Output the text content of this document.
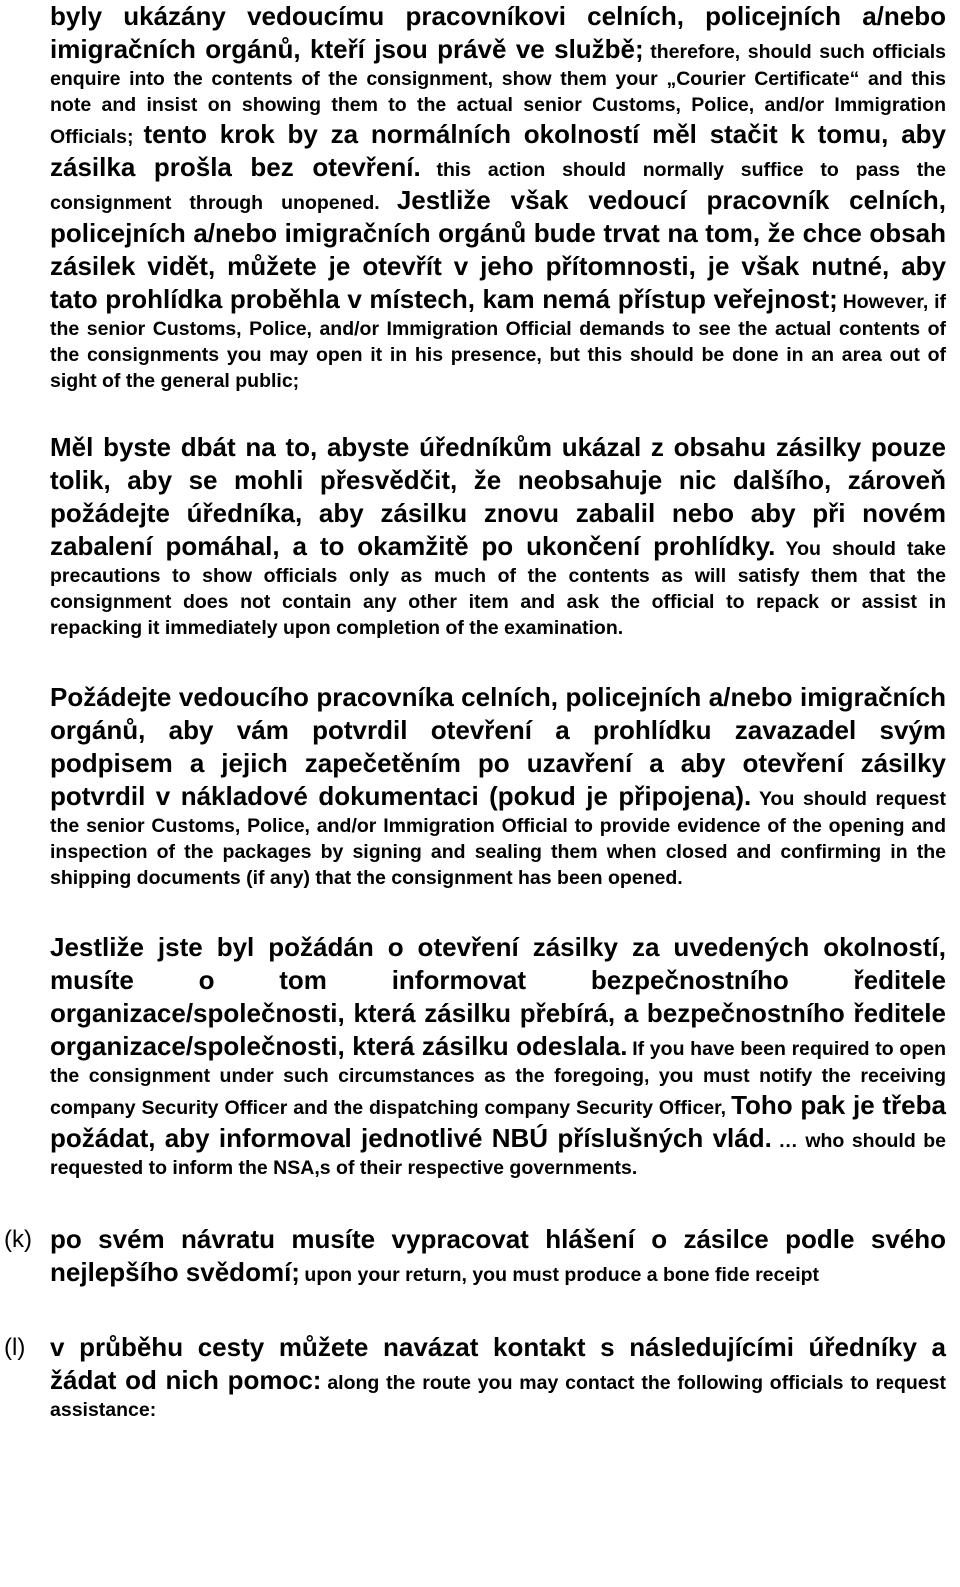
byly ukázány vedoucímu pracovníkovi celních, policejních a/nebo imigračních orgánů, kteří jsou právě ve službě; therefore, should such officials enquire into the contents of the consignment, show them your „Courier Certificate“ and this note and insist on showing them to the actual senior Customs, Police, and/or Immigration Officials; tento krok by za normálních okolností měl stačit k tomu, aby zásilka prošla bez otevření. this action should normally suffice to pass the consignment through unopened. Jestliže však vedoucí pracovník celních, policejních a/nebo imigračních orgánů bude trvat na tom, že chce obsah zásilek vidět, můžete je otevřít v jeho přítomnosti, je však nutné, aby tato prohlídka proběhla v místech, kam nemá přístup veřejnost; However, if the senior Customs, Police, and/or Immigration Official demands to see the actual contents of the consignments you may open it in his presence, but this should be done in an area out of sight of the general public;

Měl byste dbát na to, abyste úředníkům ukázal z obsahu zásilky pouze tolik, aby se mohli přesvědčit, že neobsahuje nic dalšího, zároveň požádejte úředníka, aby zásilku znovu zabalil nebo aby při novém zabalení pomáhal, a to okamžitě po ukončení prohlídky. You should take precautions to show officials only as much of the contents as will satisfy them that the consignment does not contain any other item and ask the official to repack or assist in repacking it immediately upon completion of the examination.

Požádejte vedoucího pracovníka celních, policejních a/nebo imigračních orgánů, aby vám potvrdil otevření a prohlídku zavazadel svým podpisem a jejich zapečetěním po uzavření a aby otevření zásilky potvrdil v nákladové dokumentaci (pokud je připojena). You should request the senior Customs, Police, and/or Immigration Official to provide evidence of the opening and inspection of the packages by signing and sealing them when closed and confirming in the shipping documents (if any) that the consignment has been opened.

Jestliže jste byl požádán o otevření zásilky za uvedených okolností, musíte o tom informovat bezpečnostního ředitele organizace/společnosti, která zásilku přebírá, a bezpečnostního ředitele organizace/společnosti, která zásilku odeslala. If you have been required to open the consignment under such circumstances as the foregoing, you must notify the receiving company Security Officer and the dispatching company Security Officer, Toho pak je třeba požádat, aby informoval jednotlivé NBÚ příslušných vlád. … who should be requested to inform the NSA,s of their respective governments.

(k) po svém návratu musíte vypracovat hlášení o zásilce podle svého nejlepšího svědomí; upon your return, you must produce a bone fide receipt

(l) v průběhu cesty můžete navázat kontakt s následujícími úředníky a žádat od nich pomoc: along the route you may contact the following officials to request assistance:
